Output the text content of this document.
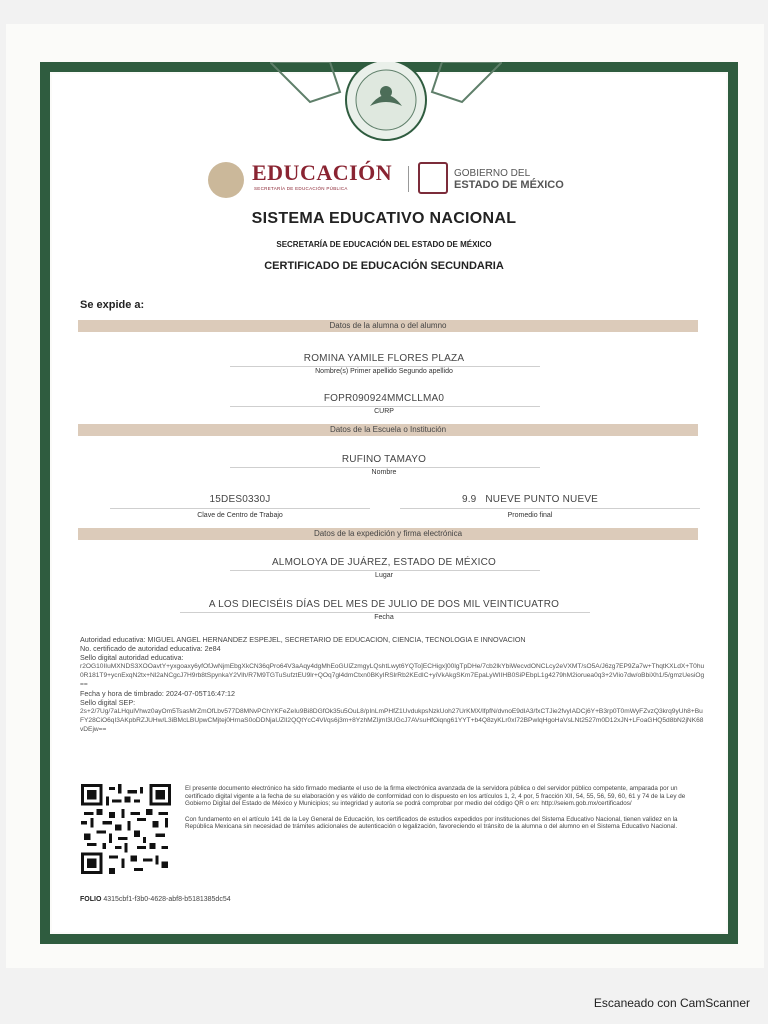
EDUCACIÓN
SECRETARÍA DE EDUCACIÓN PÚBLICA
GOBIERNO DEL
ESTADO DE MÉXICO
SISTEMA EDUCATIVO NACIONAL
SECRETARÍA DE EDUCACIÓN DEL ESTADO DE MÉXICO
CERTIFICADO DE EDUCACIÓN SECUNDARIA
Se expide a:
Datos de la alumna o del alumno
ROMINA YAMILE FLORES PLAZA
Nombre(s) Primer apellido Segundo apellido
FOPR090924MMCLLMA0
CURP
Datos de la Escuela o Institución
RUFINO TAMAYO
Nombre
15DES0330J
Clave de Centro de Trabajo
9.9   NUEVE PUNTO NUEVE
Promedio final
Datos de la expedición y firma electrónica
ALMOLOYA DE JUÁREZ, ESTADO DE MÉXICO
Lugar
A LOS DIECISÉIS DÍAS DEL MES DE JULIO DE DOS MIL VEINTICUATRO
Fecha
Autoridad educativa: MIGUEL ANGEL HERNANDEZ ESPEJEL, SECRETARIO DE EDUCACION, CIENCIA, TECNOLOGIA E INNOVACION
No. certificado de autoridad educativa: 2e84
Sello digital autoridad educativa:
r2OG10IIuMXNDS3XOOavtY+yxgoaxy6yfOfJwNjmEbgXkCN36qPro64V3aAqy4dgMhEoGUlZzmgyLQshtLwyt6YQTo]ECHigx]00lgTpDHe/7cb2lkYbiWecvdONCLcy2eVXMT/sO5A/J6zg7EP9Za7w+ThqtKXLdX+T0hu0R181T9+ycnExqN2tx+Nl2aNCgcJ7H9rb8tSpynkaY2Vlh/R7M9TGTuSufztEU9lr+QOq7gl4dmCtxn0BKyIRSlrRb2KEdIC+yiVkAkgSKm7EpaLyWIIHB0SiPEbpL1g4279hM2ioruea0q3+2Vlio7dw/oBbiXh1/5/gmzUesiOg==
Fecha y hora de timbrado: 2024-07-05T16:47:12
Sello digital SEP:
2s+2/7Ug/7aLHqulVhwz0ayOm5TsasMrZmOfLbv577D8MNvPChYKFeZeIu9Bi8DGfOk35u5OuL8/pInLmPHfZ1UvdukpsNzkUoh27UrKMX/lfpfN/dvnoE9dIA3/fxCTJie2fvyIADCj6Y+B3rp0T0mWyFZvzQ3krq9yUh8+BuFY28CiO6qI3AKpbRZJUHw/L3iBMcLBUpwCMjtej0HrnaS0oDDNjaUZlI2QQtYcC4Vl/qs6j3m+8YzhMZIjmI3UGcJ7AVsuHfOiqng61YYT+b4Q8zyKLr0xI72BPwIqHgoHaVsLNt2527m0D12xJN+LFoaGHQ5d8bN2jNK68vDEjw==
El presente documento electrónico ha sido firmado mediante el uso de la firma electrónica avanzada de la servidora pública o del servidor público competente, amparada por un certificado digital vigente a la fecha de su elaboración y es válido de conformidad con lo dispuesto en los artículos 1, 2, 4 por, 5 fracción XII, 54, 55, 56, 59, 60, 61 y 74 de la Ley de Gobierno Digital del Estado de México y Municipios; su integridad y autoría se podrá comprobar por medio del código QR o en: http://seiem.gob.mx/certificados/
Con fundamento en el artículo 141 de la Ley General de Educación, los certificados de estudios expedidos por instituciones del Sistema Educativo Nacional, tienen validez en la República Mexicana sin necesidad de trámites adicionales de autenticación o legalización, favoreciendo el tránsito de la alumna o del alumno en el Sistema Educativo Nacional.
FOLIO 4315cbf1-f3b0-4628-abf8-b5181385dc54
Escaneado con CamScanner
